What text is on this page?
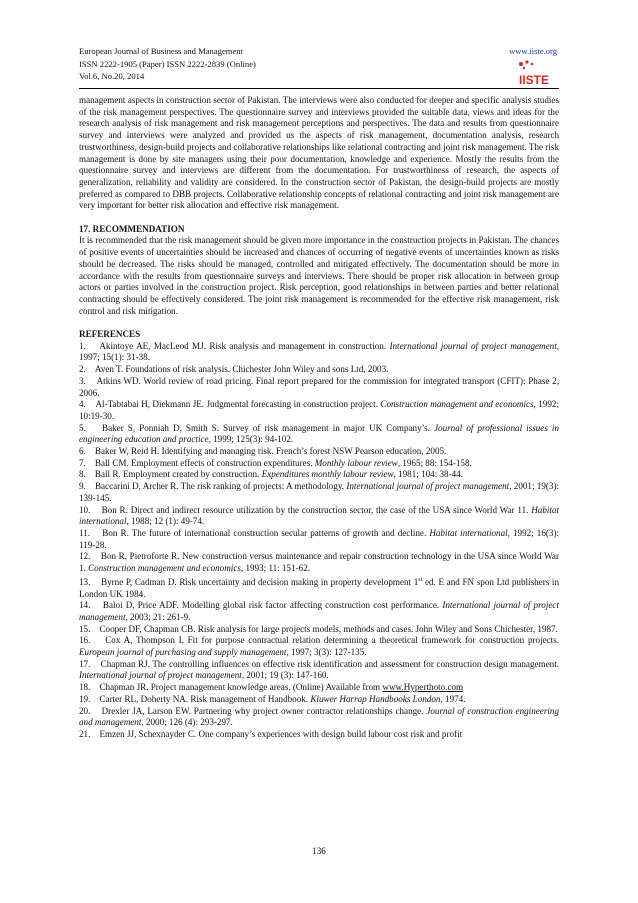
European Journal of Business and Management
ISSN 2222-1905 (Paper) ISSN 2222-2839 (Online)
Vol.6, No.20, 2014
www.iiste.org
IISTE

management aspects in construction sector of Pakistan. The interviews were also conducted for deeper and specific analysis studies of the risk management perspectives. The questionnaire survey and interviews provided the suitable data, views and ideas for the research analysis of risk management and risk management perceptions and perspectives. The data and results from questionnaire survey and interviews were analyzed and provided us the aspects of risk management, documentation analysis, research trustworthiness, design-build projects and collaborative relationships like relational contracting and joint risk management. The risk management is done by site managers using their poor documentation, knowledge and experience. Mostly the results from the questionnaire survey and interviews are different from the documentation. For trustworthiness of research, the aspects of generalization, reliability and validity are considered. In the construction sector of Pakistan, the design-build projects are mostly preferred as compared to DBB projects. Collaborative relationship concepts of relational contracting and joint risk management are very important for better risk allocation and effective risk management.

17. RECOMMENDATION

It is recommended that the risk management should be given more importance in the construction projects in Pakistan. The chances of positive events of uncertainties should be increased and chances of occurring of negative events of uncertainties known as risks should be decreased. The risks should be managed, controlled and mitigated effectively. The documentation should be more in accordance with the results from questionnaire surveys and interviews. There should be proper risk allocation in between group actors or parties involved in the construction project. Risk perception, good relationships in between parties and better relational contracting should be effectively considered. The joint risk management is recommended for the effective risk management, risk control and risk mitigation.

REFERENCES

1.    Akintoye AE, MacLeod MJ. Risk analysis and management in construction. International journal of project management, 1997; 15(1): 31-38.

2.    Aven T. Foundations of risk analysis. Chichester John Wiley and sons Ltd, 2003.

3.    Atkins WD. World review of road pricing. Final report prepared for the commission for integrated transport (CFIT): Phase 2, 2006.

4.    Al-Tabtabai H, Diekmann JE. Judgmental forecasting in construction project. Construction management and economics, 1992; 10:19-30.

5.    Baker S, Ponniah D, Smith S. Survey of risk management in major UK Company’s. Journal of professional issues in engineering education and practice, 1999; 125(3): 94-102.

6.    Baker W, Reid H. Identifying and managing risk. French’s forest NSW Pearson education, 2005.

7.    Ball CM. Employment effects of construction expenditures. Monthly labour review, 1965; 88: 154-158.

8.    Ball R. Employment created by construction. Expenditures monthly labour review, 1981; 104: 38-44.

9.    Baccarini D, Archer R. The risk ranking of projects: A methodology. International journal of project management, 2001; 19(3): 139-145.

10.    Bon R. Direct and indirect resource utilization by the construction sector, the case of the USA since World War 11. Habitat international, 1988; 12 (1): 49-74.

11.    Bon R. The future of international construction secular patterns of growth and decline. Habitat international, 1992; 16(3): 119-28.

12.    Bon R, Pietroforte R. New construction versus maintenance and repair construction technology in the USA since World War 1. Construction management and economics, 1993; 11: 151-62.

13.    Byrne P, Cadman D. Risk uncertainty and decision making in property development 1st ed. E and FN spon Ltd publishers in London UK 1984.

14.    Baloi D, Price ADF. Modelling global risk factor affecting construction cost performance. International journal of project management, 2003; 21: 261-9.

15.    Cooper DF, Chapman CB. Risk analysis for large projects models, methods and cases. John Wiley and Sons Chichester, 1987.

16.    Cox A, Thompson I. Fit for purpose contractual relation determining a theoretical framework for construction projects. European journal of purchasing and supply management, 1997; 3(3): 127-135.

17.    Chapman RJ. The controlling influences on effective risk identification and assessment for construction design management. International journal of project management, 2001; 19 (3): 147-160.

18.    Chapman JR. Project management knowledge areas. (Online) Available from www.Hyperthoto.com

19.    Carter RL, Doherty NA. Risk management of Handbook. Kluwer Harrap Handbooks London, 1974.

20.    Drexler JA, Larson EW. Partnering why project owner contractor relationships change. Journal of construction engineering and management, 2000; 126 (4): 293-297.

21.    Emzen JJ, Schexnayder C. One company’s experiences with design build labour cost risk and profit

136
